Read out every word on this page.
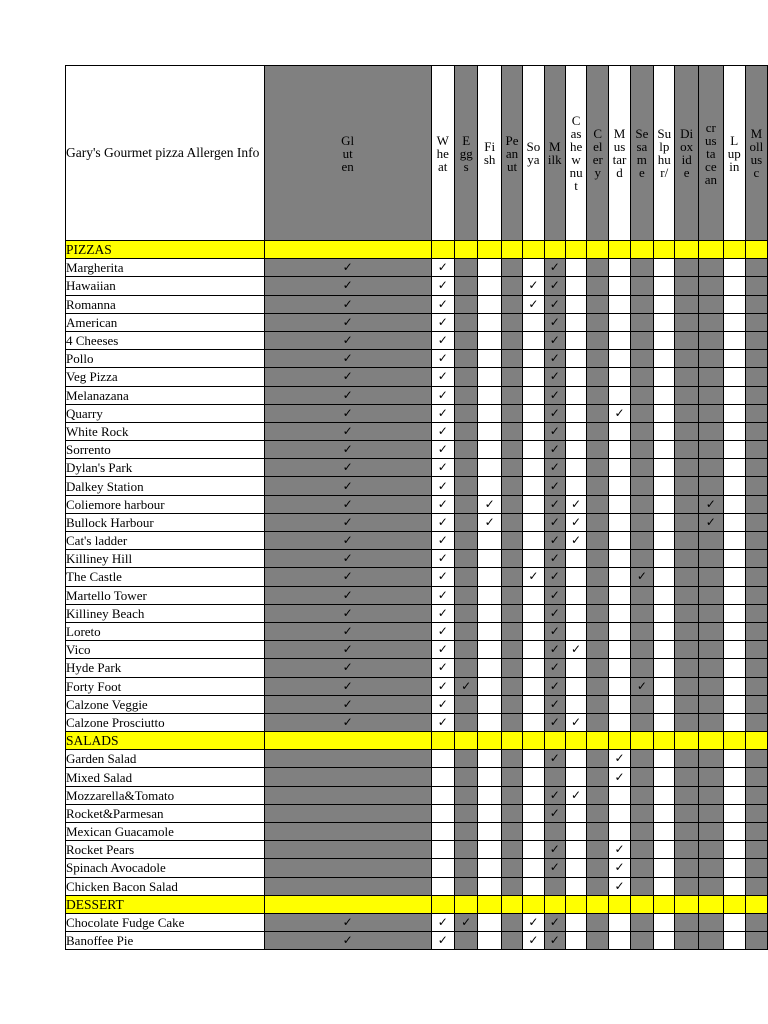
Gary's Gourmet pizza Allergen Info	Gluten	Wheat	Eggs	Fish	Peanut	Soya	Milk	Cashewnut	Celery	Mustard	Sesame	Sulphur/	Dioxide	crustacean	Lupin	Mollusc
PIZZAS																
Margherita	✓	✓					✓									
Hawaiian	✓	✓				✓	✓									
Romanna	✓	✓				✓	✓									
American	✓	✓					✓									
4 Cheeses	✓	✓					✓									
Pollo	✓	✓					✓									
Veg Pizza	✓	✓					✓									
Melanazana	✓	✓					✓									
Quarry	✓	✓					✓			✓						
White Rock	✓	✓					✓									
Sorrento	✓	✓					✓									
Dylan's Park	✓	✓					✓									
Dalkey Station	✓	✓					✓									
Coliemore harbour	✓	✓		✓			✓	✓						✓		
Bullock Harbour	✓	✓		✓			✓	✓						✓		
Cat's ladder	✓	✓					✓	✓								
Killiney Hill	✓	✓					✓									
The Castle	✓	✓				✓	✓				✓					
Martello Tower	✓	✓					✓									
Killiney Beach	✓	✓					✓									
Loreto	✓	✓					✓									
Vico	✓	✓					✓	✓								
Hyde Park	✓	✓					✓									
Forty Foot	✓	✓	✓				✓				✓					
Calzone Veggie	✓	✓					✓									
Calzone Prosciutto	✓	✓					✓	✓								
SALADS																
Garden Salad							✓			✓						
Mixed Salad										✓						
Mozzarella&Tomato							✓	✓								
Rocket&Parmesan							✓									
Mexican Guacamole																
Rocket Pears							✓			✓						
Spinach Avocadole							✓			✓						
Chicken Bacon Salad										✓						
DESSERT																
Chocolate Fudge Cake	✓	✓	✓			✓	✓									
Banoffee Pie	✓	✓				✓	✓									
